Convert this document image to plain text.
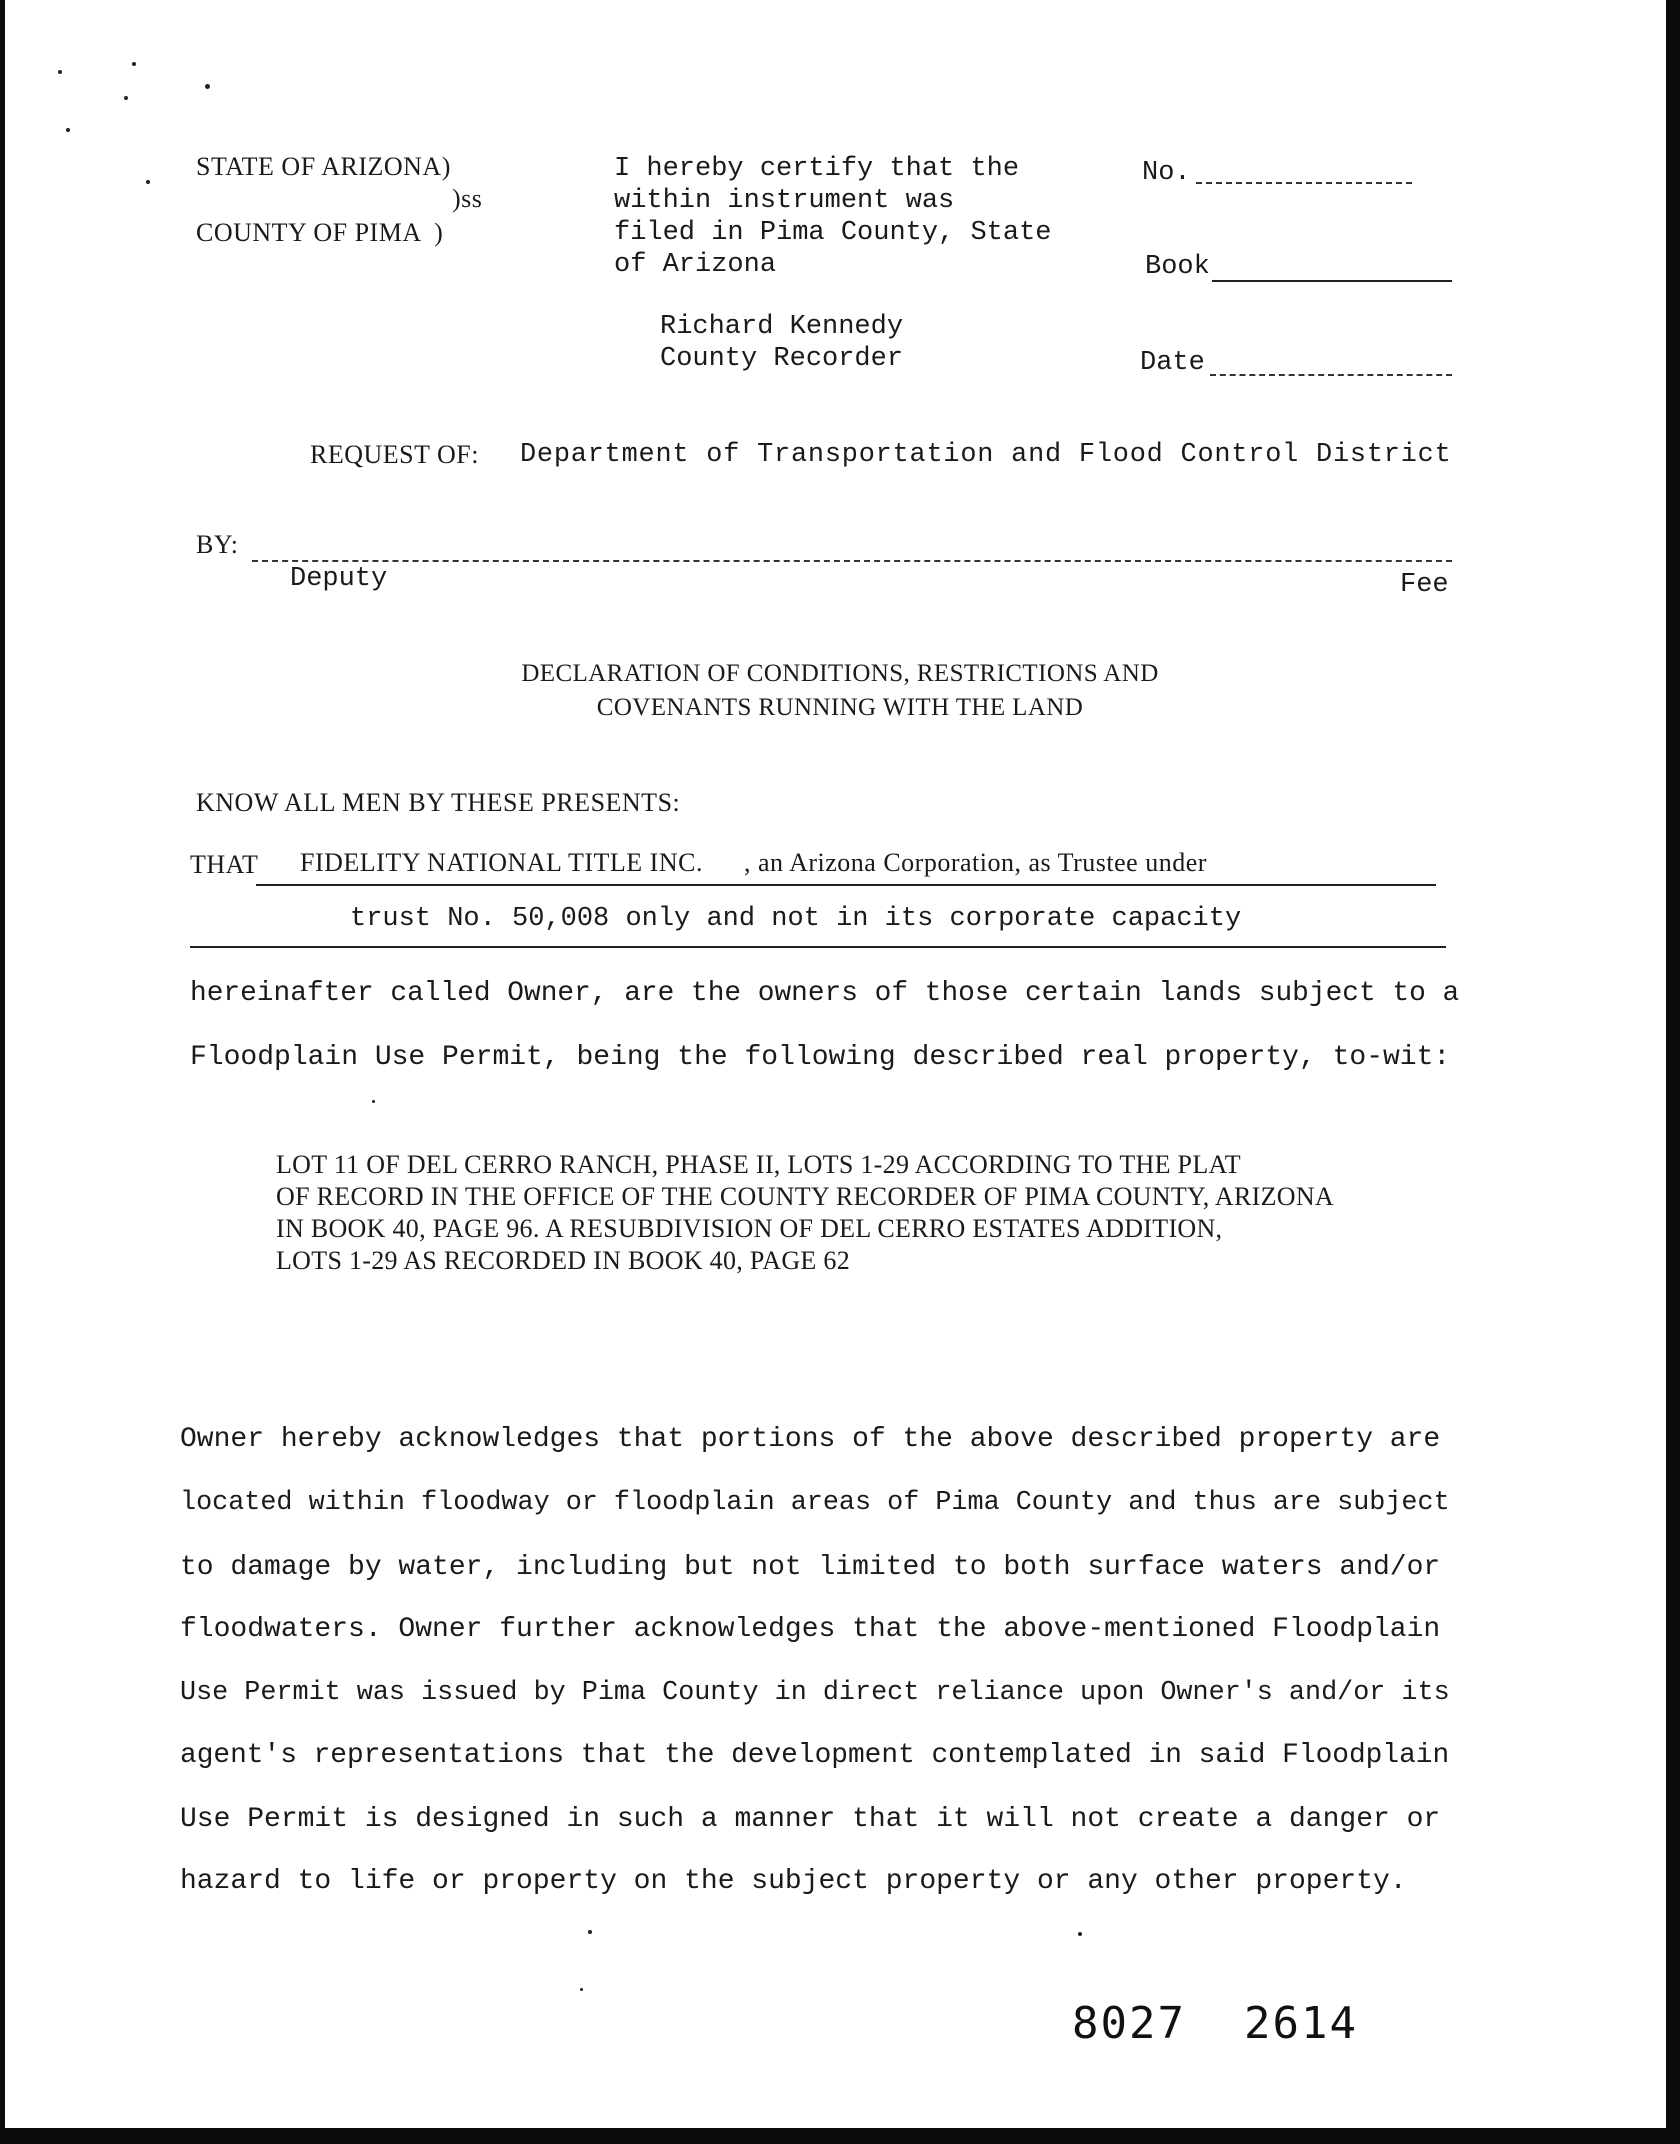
STATE OF ARIZONA)
)ss
COUNTY OF PIMA  )
I hereby certify that the
within instrument was
filed in Pima County, State
of Arizona
Richard Kennedy
County Recorder
No.
Book
Date
REQUEST OF: Department of Transportation and Flood Control District
BY:
Deputy	Fee
DECLARATION OF CONDITIONS, RESTRICTIONS AND
COVENANTS RUNNING WITH THE LAND
KNOW ALL MEN BY THESE PRESENTS:
THAT FIDELITY NATIONAL TITLE INC. , an Arizona Corporation, as Trustee under
trust No. 50,008 only and not in its corporate capacity
hereinafter called Owner, are the owners of those certain lands subject to a
Floodplain Use Permit, being the following described real property, to-wit:
LOT 11 OF DEL CERRO RANCH, PHASE II, LOTS 1-29 ACCORDING TO THE PLAT
OF RECORD IN THE OFFICE OF THE COUNTY RECORDER OF PIMA COUNTY, ARIZONA
IN BOOK 40, PAGE 96. A RESUBDIVISION OF DEL CERRO ESTATES ADDITION,
LOTS 1-29 AS RECORDED IN BOOK 40, PAGE 62
Owner hereby acknowledges that portions of the above described property are
located within floodway or floodplain areas of Pima County and thus are subject
to damage by water, including but not limited to both surface waters and/or
floodwaters. Owner further acknowledges that the above-mentioned Floodplain
Use Permit was issued by Pima County in direct reliance upon Owner's and/or its
agent's representations that the development contemplated in said Floodplain
Use Permit is designed in such a manner that it will not create a danger or
hazard to life or property on the subject property or any other property.
8027 2614
